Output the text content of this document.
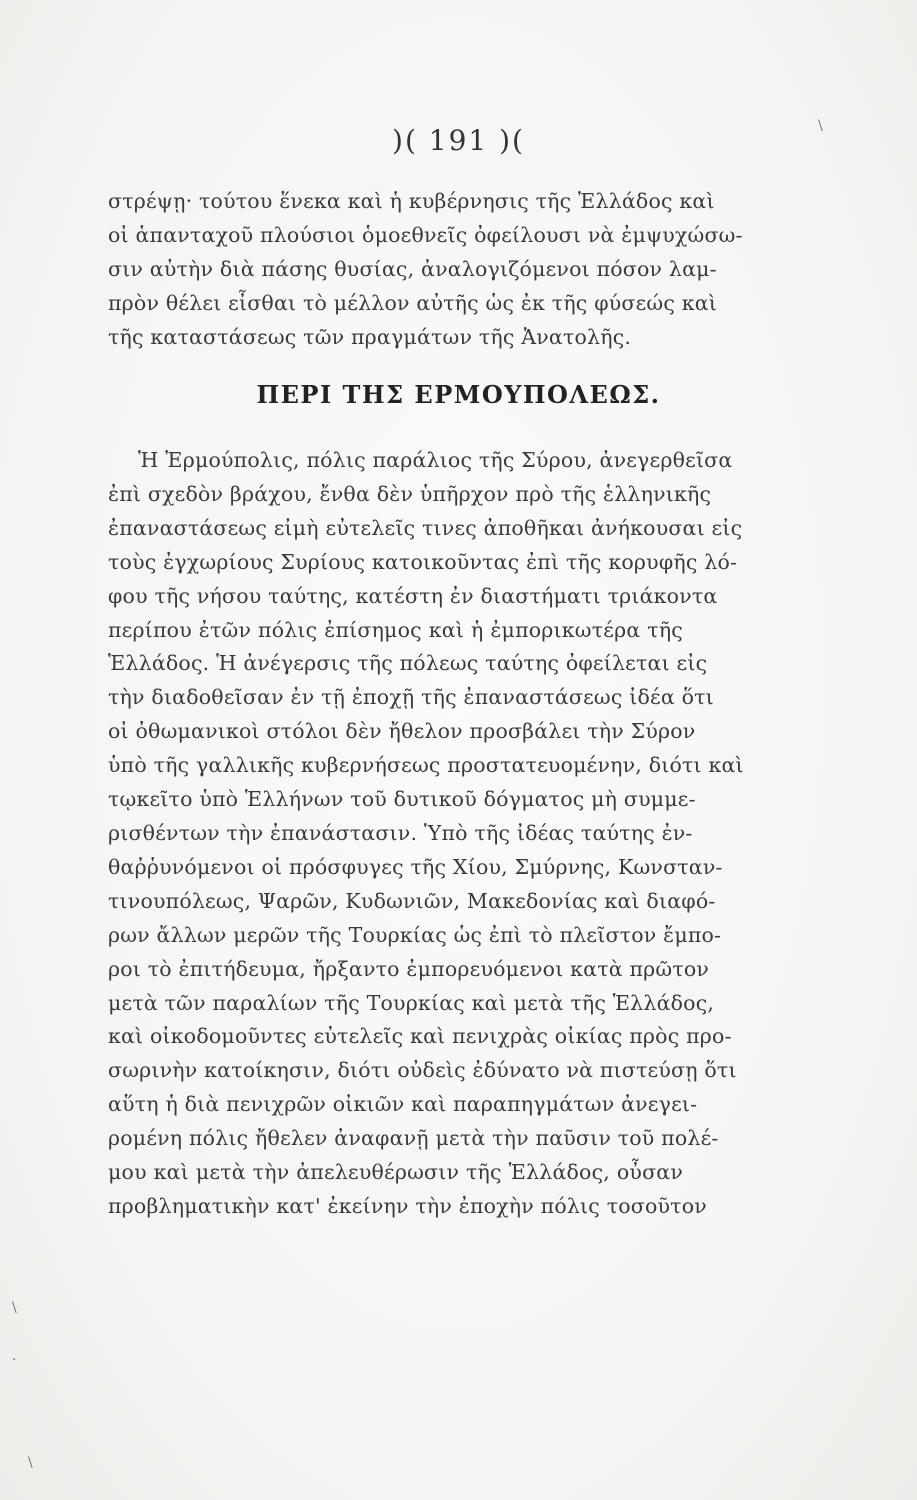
)( 191 )(
στρέψῃ· τούτου ἕνεκα καὶ ἡ κυβέρνησις τῆς Ἑλλάδος καὶ
οἱ ἁπανταχοῦ πλούσιοι ὁμοεθνεῖς ὀφείλουσι νὰ ἐμψυχώσω-
σιν αὐτὴν διὰ πάσης θυσίας, ἀναλογιζόμενοι πόσον λαμ-
πρὸν θέλει εἶσθαι τὸ μέλλον αὐτῆς ὡς ἐκ τῆς φύσεώς καὶ
τῆς καταστάσεως τῶν πραγμάτων τῆς Ἀνατολῆς.
ΠΕΡΙ ΤΗΣ ΕΡΜΟΥΠΟΛΕΩΣ.
Ἡ Ἑρμούπολις, πόλις παράλιος τῆς Σύρου, ἀνεγερθεῖσα
ἐπὶ σχεδὸν βράχου, ἔνθα δὲν ὑπῆρχον πρὸ τῆς ἑλληνικῆς
ἐπαναστάσεως εἰμὴ εὐτελεῖς τινες ἀποθῆκαι ἀνήκουσαι εἰς
τοὺς ἐγχωρίους Συρίους κατοικοῦντας ἐπὶ τῆς κορυφῆς λό-
φου τῆς νήσου ταύτης, κατέστη ἐν διαστήματι τριάκοντα
περίπου ἐτῶν πόλις ἐπίσημος καὶ ἡ ἐμπορικωτέρα τῆς
Ἑλλάδος. Ἡ ἀνέγερσις τῆς πόλεως ταύτης ὀφείλεται εἰς
τὴν διαδοθεῖσαν ἐν τῇ ἐποχῇ τῆς ἐπαναστάσεως ἰδέα ὅτι
οἱ ὀθωμανικοὶ στόλοι δὲν ἤθελον προσβάλει τὴν Σύρον
ὑπὸ τῆς γαλλικῆς κυβερνήσεως προστατευομένην, διότι καὶ
τῳκεῖτο ὑπὸ Ἑλλήνων τοῦ δυτικοῦ δόγματος μὴ συμμε-
ρισθέντων τὴν ἐπανάστασιν. Ὑπὸ τῆς ἰδέας ταύτης ἐν-
θαῤῥυνόμενοι οἱ πρόσφυγες τῆς Χίου, Σμύρνης, Κωνσταν-
τινουπόλεως, Ψαρῶν, Κυδωνιῶν, Μακεδονίας καὶ διαφό-
ρων ἄλλων μερῶν τῆς Τουρκίας ὡς ἐπὶ τὸ πλεῖστον ἔμπο-
ροι τὸ ἐπιτήδευμα, ἤρξαντο ἐμπορευόμενοι κατὰ πρῶτον
μετὰ τῶν παραλίων τῆς Τουρκίας καὶ μετὰ τῆς Ἑλλάδος,
καὶ οἰκοδομοῦντες εὐτελεῖς καὶ πενιχρὰς οἰκίας πρὸς προ-
σωρινὴν κατοίκησιν, διότι οὐδεὶς ἐδύνατο νὰ πιστεύσῃ ὅτι
αὕτη ἡ διὰ πενιχρῶν οἰκιῶν καὶ παραπηγμάτων ἀνεγει-
ρομένη πόλις ἤθελεν ἀναφανῇ μετὰ τὴν παῦσιν τοῦ πολέ-
μου καὶ μετὰ τὴν ἀπελευθέρωσιν τῆς Ἑλλάδος, οὖσαν
προβληματικὴν κατ' ἐκείνην τὴν ἐποχὴν πόλις τοσοῦτον
\
\
·
\
